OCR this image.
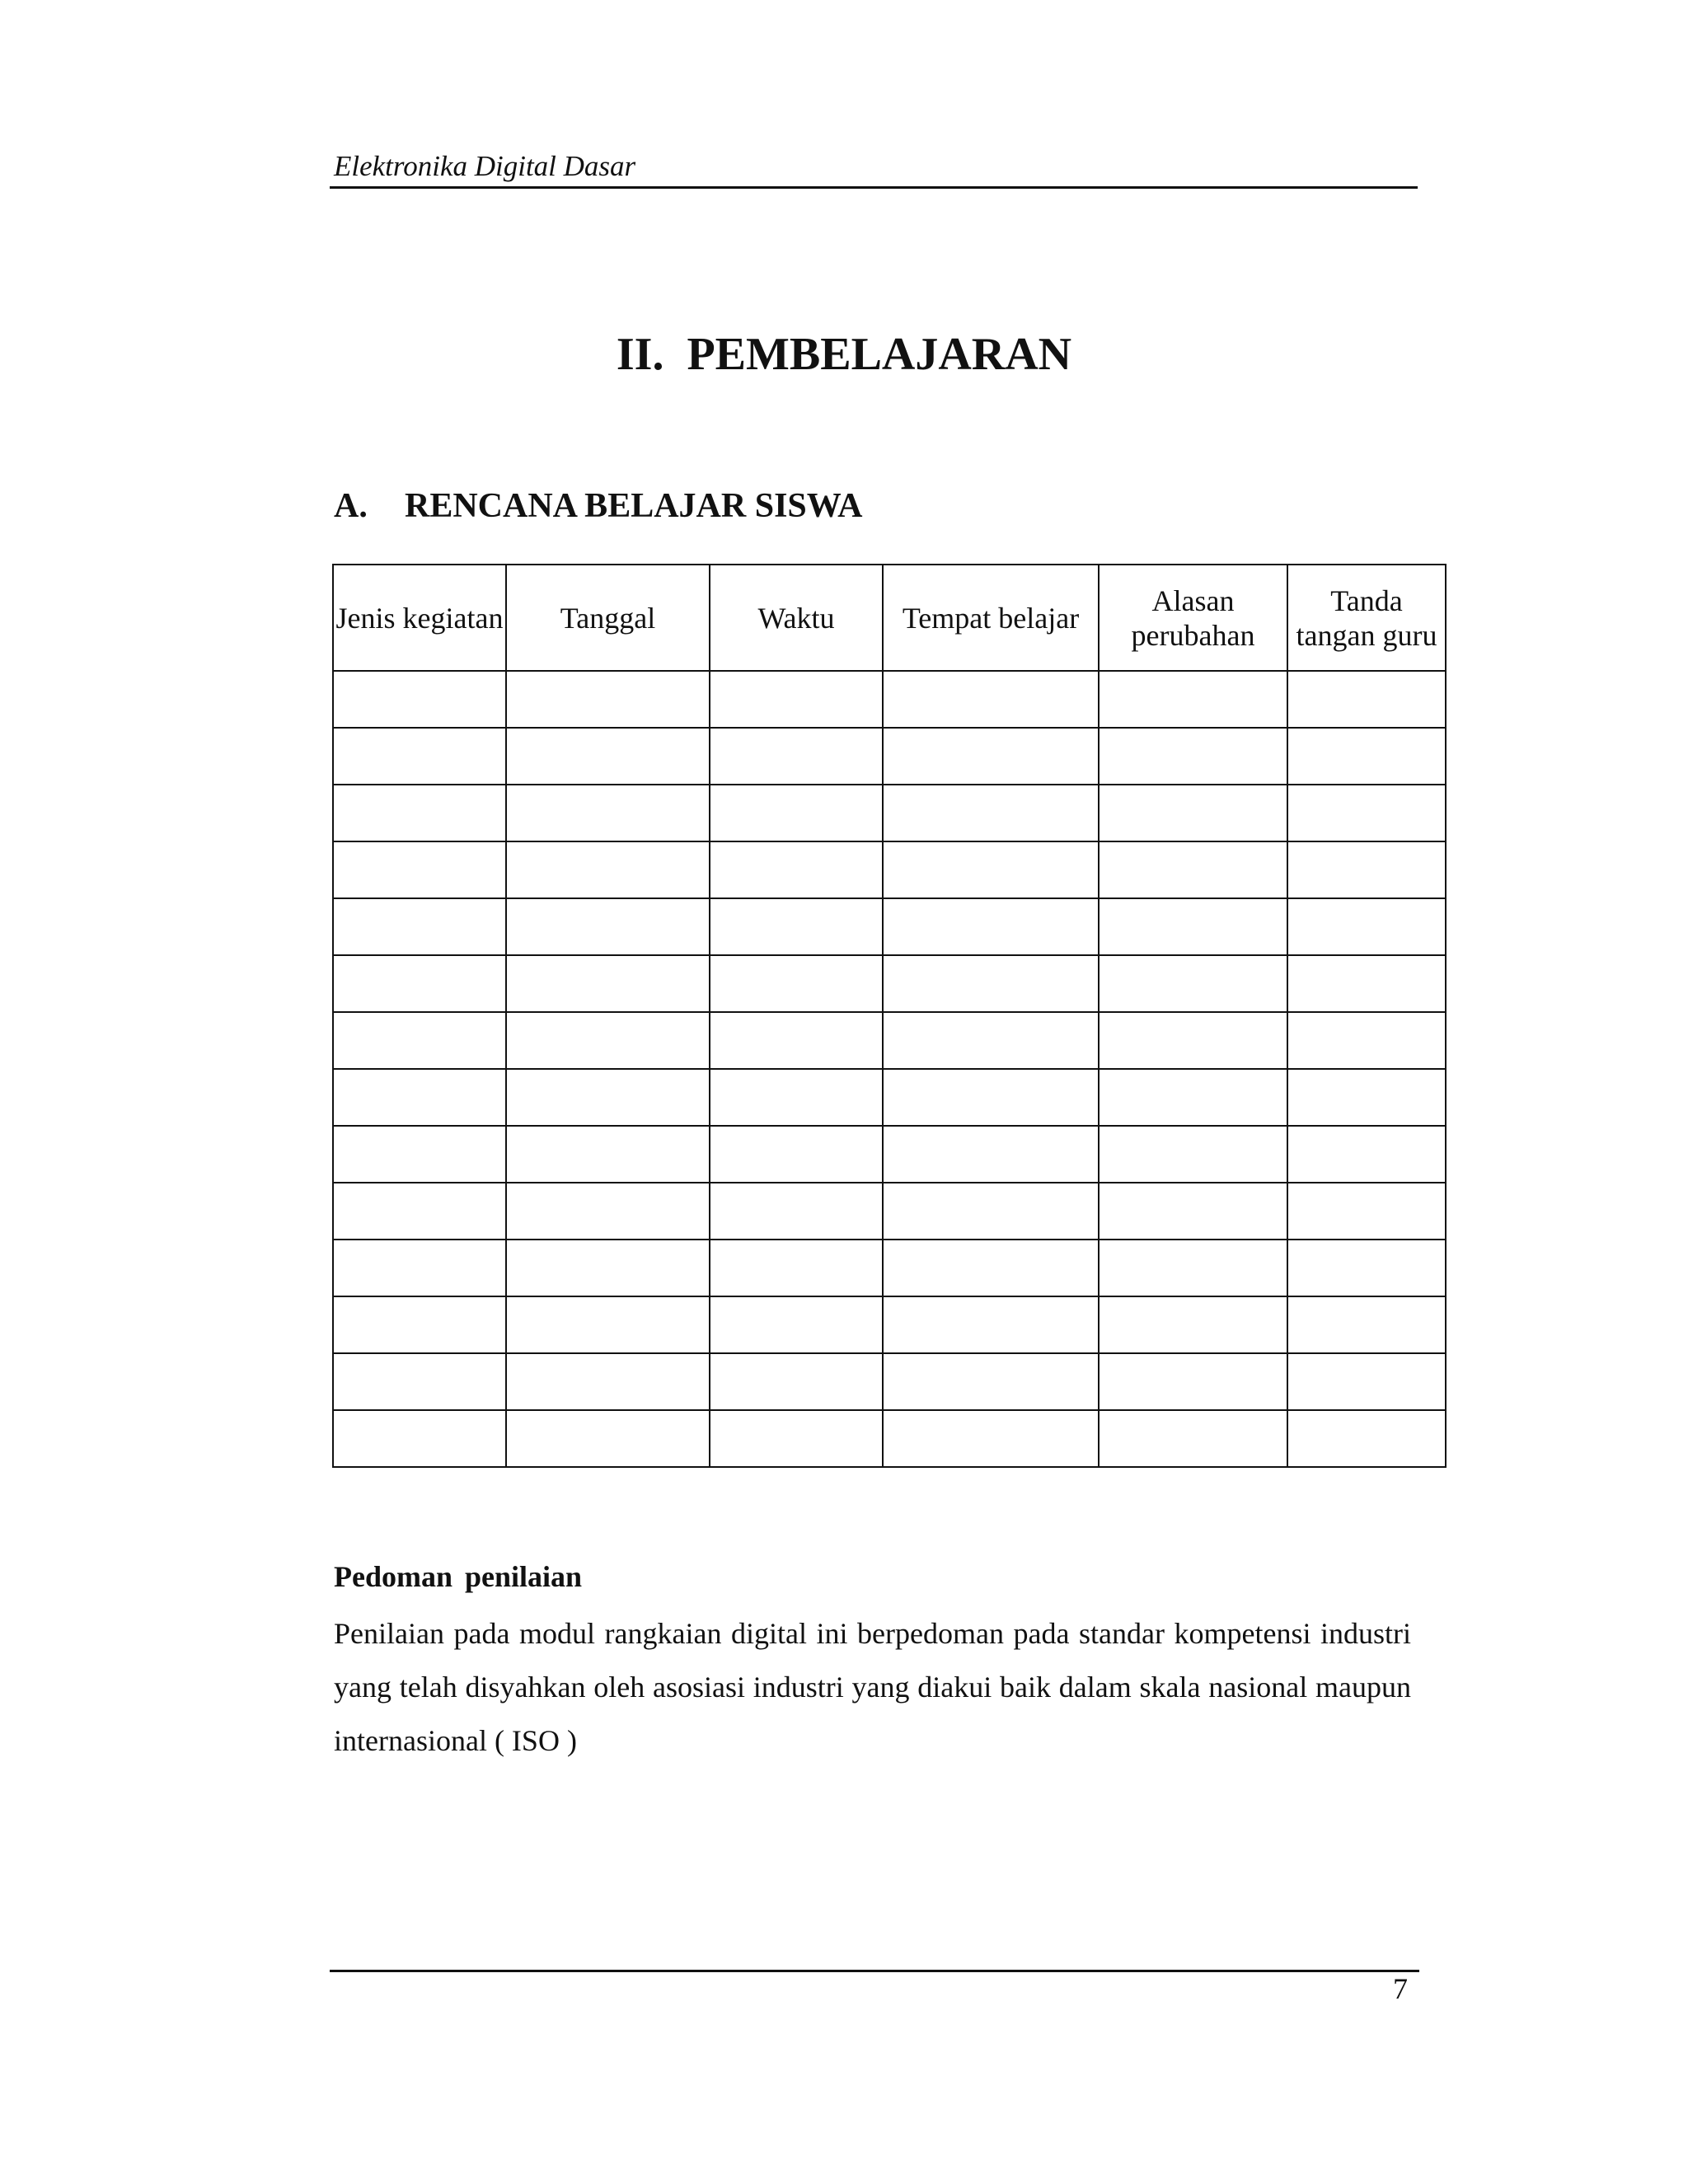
Elektronika Digital Dasar
II.  PEMBELAJARAN
A. RENCANA BELAJAR SISWA
Jenis kegiatan	Tanggal	Waktu	Tempat belajar	Alasan perubahan	Tanda tangan guru

Pedoman penilaian

Penilaian pada modul rangkaian digital ini berpedoman pada standar kompetensi industri yang telah disyahkan oleh asosiasi industri yang diakui baik dalam skala nasional maupun internasional ( ISO )

7
